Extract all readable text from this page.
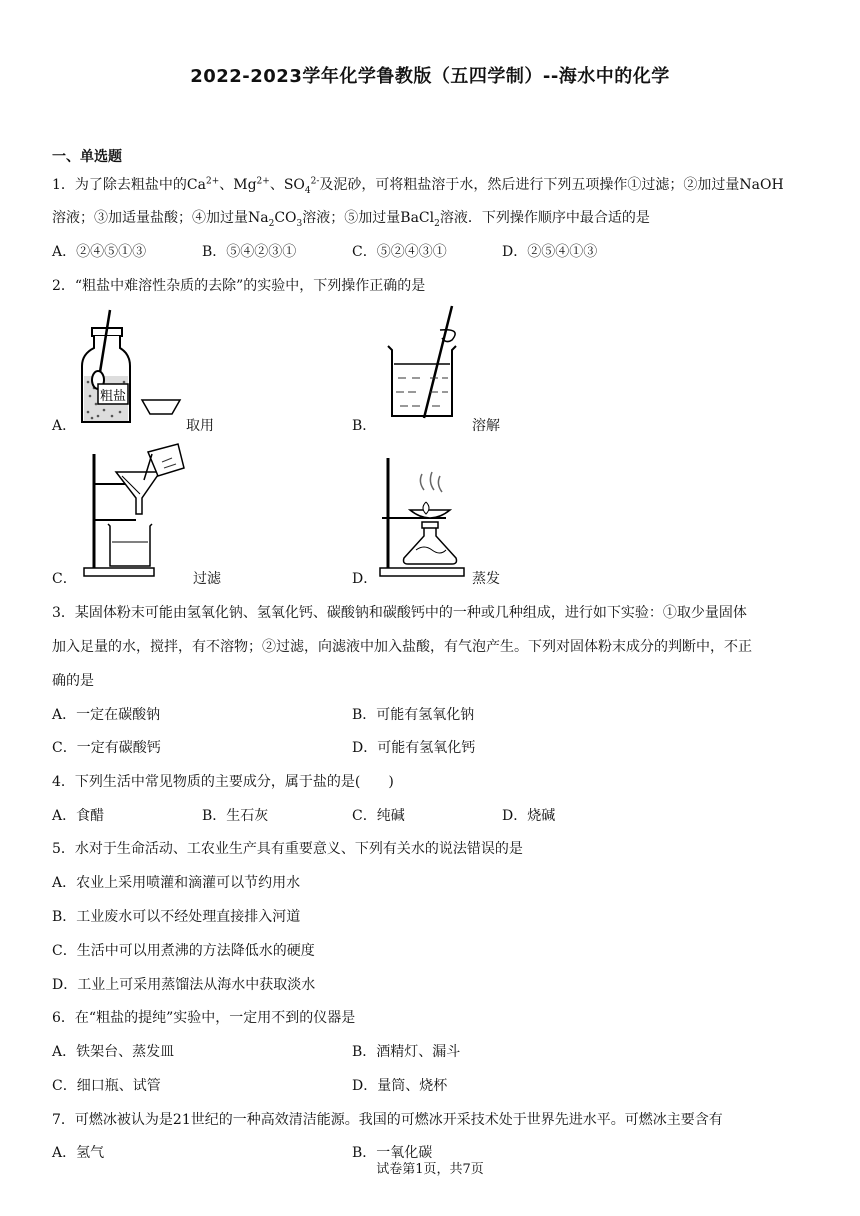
2022-2023学年化学鲁教版（五四学制）--海水中的化学
一、单选题
1．为了除去粗盐中的$Ca^{2+}$、$Mg^{2+}$、$SO_4^{2-}$及泥砂，可将粗盐溶于水，然后进行下列五项操作①过滤；②加过量NaOH
溶液；③加适量盐酸；④加过量$Na_2CO_3$溶液；⑤加过量BaCl$_2$溶液．下列操作顺序中最合适的是
A．②④⑤①③	B．⑤④②③①	C．⑤②④③①	D．②⑤④①③
2．“粗盐中难溶性杂质的去除”的实验中，下列操作正确的是
A．
粗盐
取用	B．	溶解
C．	过滤	D．	蒸发
3．某固体粉末可能由氢氧化钠、氢氧化钙、碳酸钠和碳酸钙中的一种或几种组成，进行如下实验：①取少量固体
加入足量的水，搅拌，有不溶物；②过滤，向滤液中加入盐酸，有气泡产生。下列对固体粉末成分的判断中，不正
确的是
A．一定在碳酸钠	B．可能有氢氧化钠
C．一定有碳酸钙	D．可能有氢氧化钙
4．下列生活中常见物质的主要成分，属于盐的是(　　)
A．食醋	B．生石灰	C．纯碱	D．烧碱
5．水对于生命活动、工农业生产具有重要意义、下列有关水的说法错误的是
A．农业上采用喷灌和滴灌可以节约用水
B．工业废水可以不经处理直接排入河道
C．生活中可以用煮沸的方法降低水的硬度
D．工业上可采用蒸馏法从海水中获取淡水
6．在“粗盐的提纯”实验中，一定用不到的仪器是
A．铁架台、蒸发皿	B．酒精灯、漏斗
C．细口瓶、试管	D．量筒、烧杯
7．可燃冰被认为是21世纪的一种高效清洁能源。我国的可燃冰开采技术处于世界先进水平。可燃冰主要含有
A．氢气	B．一氧化碳
试卷第1页，共7页
